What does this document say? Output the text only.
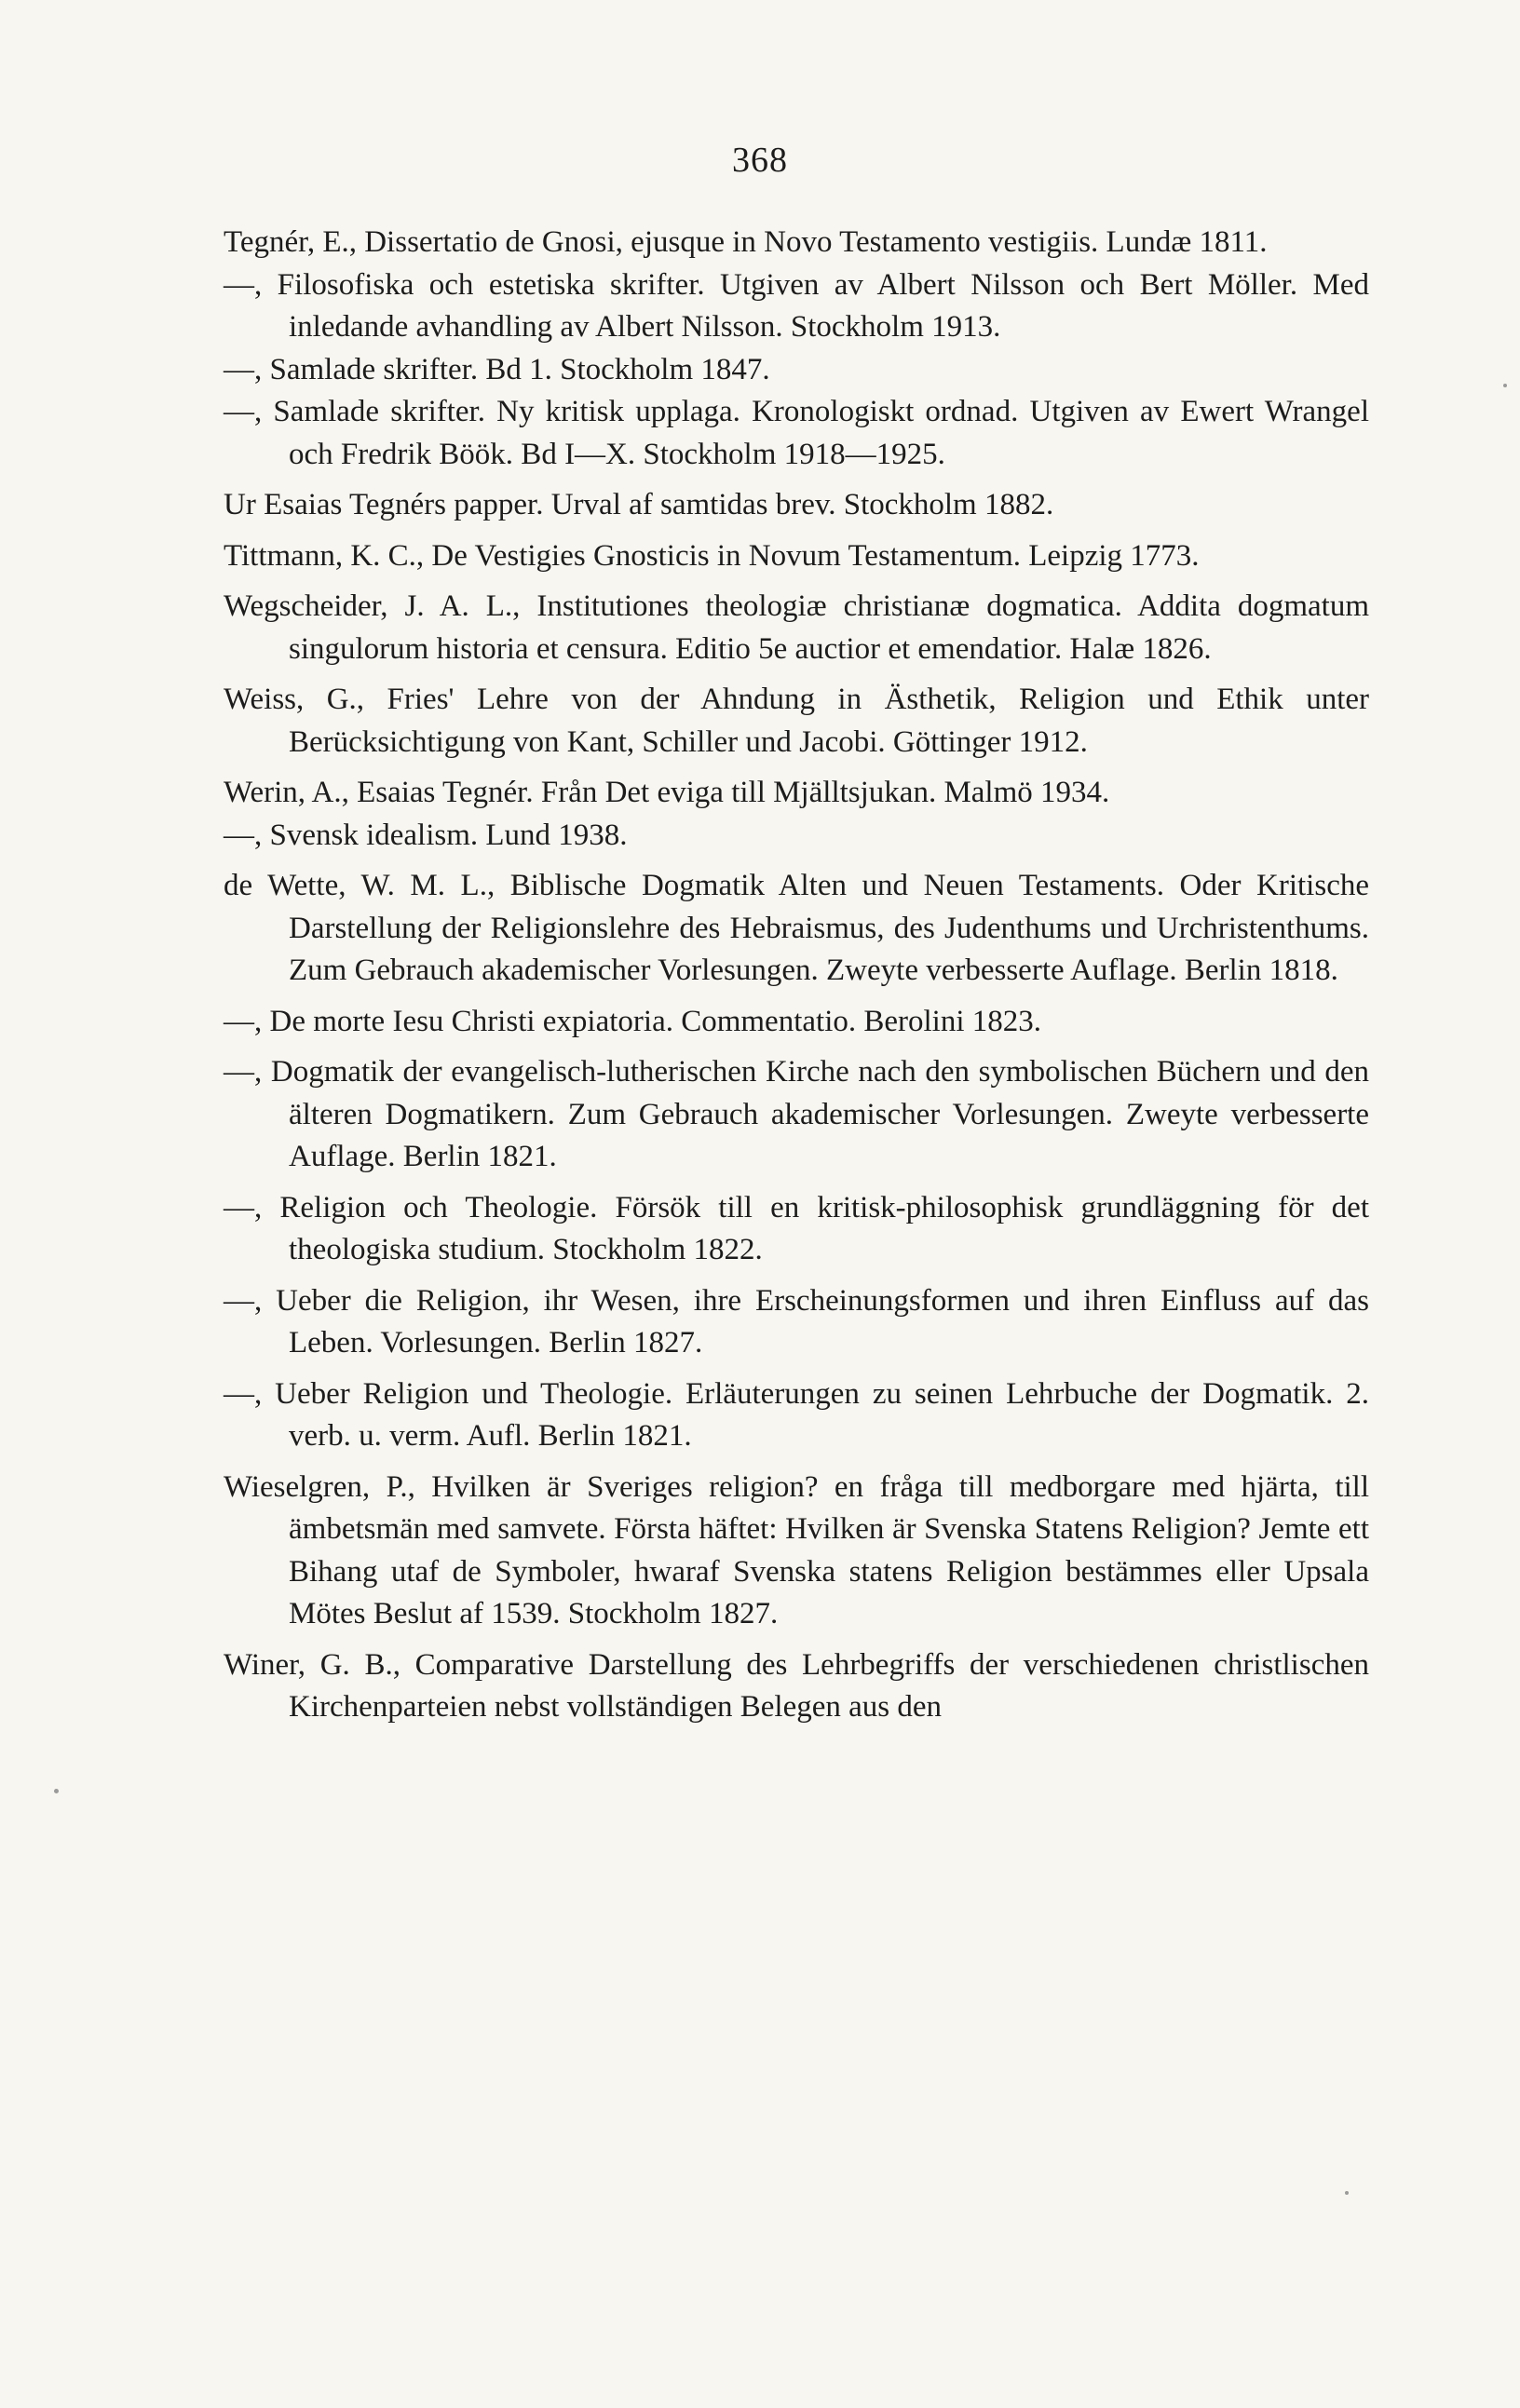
368

Tegnér, E., Dissertatio de Gnosi, ejusque in Novo Testamento vestigiis. Lundæ 1811.

—, Filosofiska och estetiska skrifter. Utgiven av Albert Nilsson och Bert Möller. Med inledande avhandling av Albert Nilsson. Stockholm 1913.

—, Samlade skrifter. Bd 1. Stockholm 1847.

—, Samlade skrifter. Ny kritisk upplaga. Kronologiskt ordnad. Utgiven av Ewert Wrangel och Fredrik Böök. Bd I—X. Stockholm 1918—1925.

Ur Esaias Tegnérs papper. Urval af samtidas brev. Stockholm 1882.

Tittmann, K. C., De Vestigies Gnosticis in Novum Testamentum. Leipzig 1773.

Wegscheider, J. A. L., Institutiones theologiæ christianæ dogmatica. Addita dogmatum singulorum historia et censura. Editio 5e auctior et emendatior. Halæ 1826.

Weiss, G., Fries' Lehre von der Ahndung in Ästhetik, Religion und Ethik unter Berücksichtigung von Kant, Schiller und Jacobi. Göttinger 1912.

Werin, A., Esaias Tegnér. Från Det eviga till Mjälltsjukan. Malmö 1934.

—, Svensk idealism. Lund 1938.

de Wette, W. M. L., Biblische Dogmatik Alten und Neuen Testaments. Oder Kritische Darstellung der Religionslehre des Hebraismus, des Judenthums und Urchristenthums. Zum Gebrauch akademischer Vorlesungen. Zweyte verbesserte Auflage. Berlin 1818.

—, De morte Iesu Christi expiatoria. Commentatio. Berolini 1823.

—, Dogmatik der evangelisch-lutherischen Kirche nach den symbolischen Büchern und den älteren Dogmatikern. Zum Gebrauch akademischer Vorlesungen. Zweyte verbesserte Auflage. Berlin 1821.

—, Religion och Theologie. Försök till en kritisk-philosophisk grundläggning för det theologiska studium. Stockholm 1822.

—, Ueber die Religion, ihr Wesen, ihre Erscheinungsformen und ihren Einfluss auf das Leben. Vorlesungen. Berlin 1827.

—, Ueber Religion und Theologie. Erläuterungen zu seinen Lehrbuche der Dogmatik. 2. verb. u. verm. Aufl. Berlin 1821.

Wieselgren, P., Hvilken är Sveriges religion? en fråga till medborgare med hjärta, till ämbetsmän med samvete. Första häftet: Hvilken är Svenska Statens Religion? Jemte ett Bihang utaf de Symboler, hwaraf Svenska statens Religion bestämmes eller Upsala Mötes Beslut af 1539. Stockholm 1827.

Winer, G. B., Comparative Darstellung des Lehrbegriffs der verschiedenen christlischen Kirchenparteien nebst vollständigen Belegen aus den
